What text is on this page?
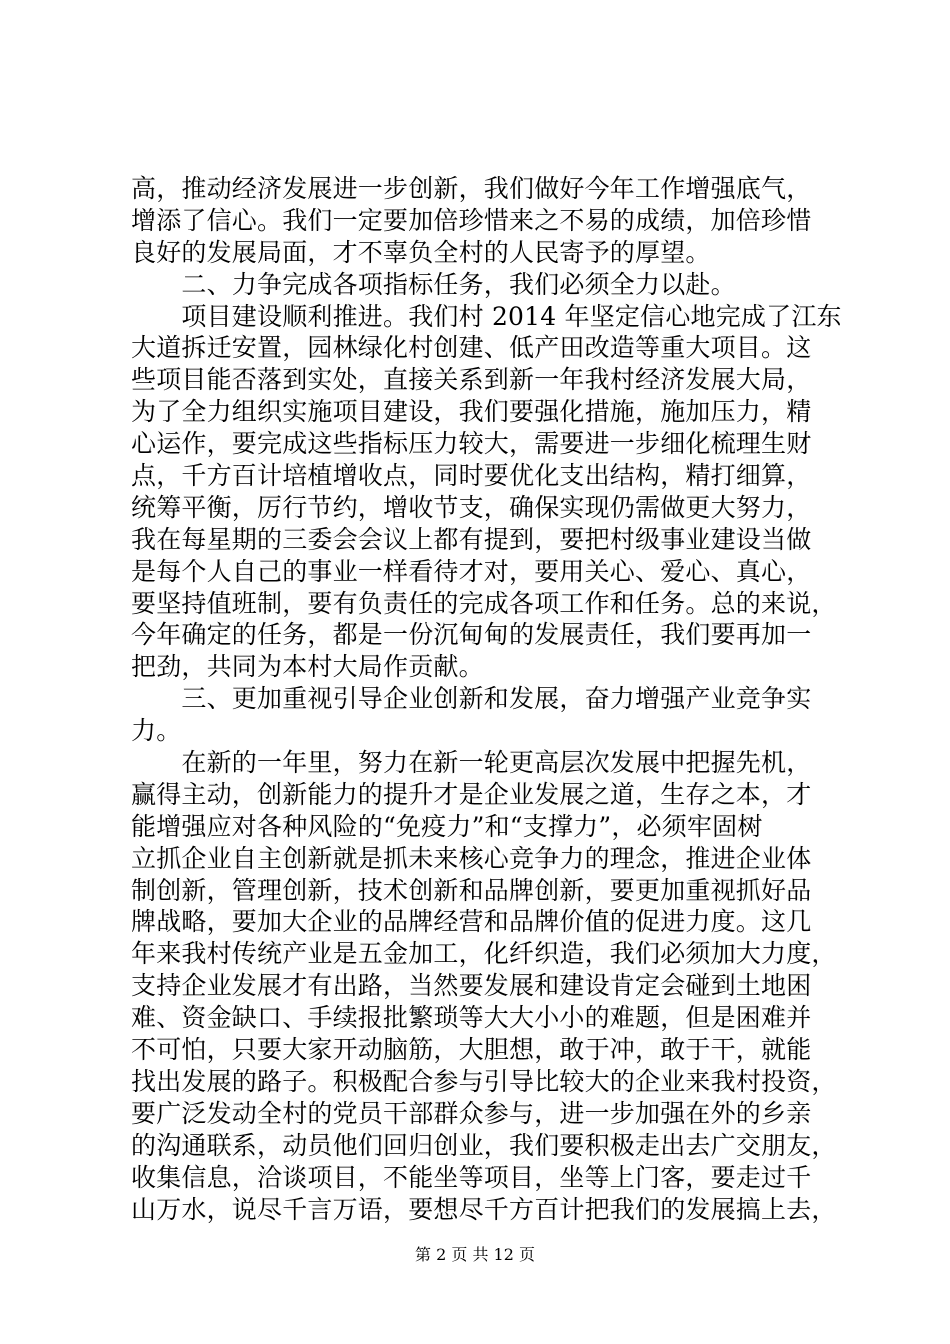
高，推动经济发展进一步创新，我们做好今年工作增强底气，
增添了信心。我们一定要加倍珍惜来之不易的成绩，加倍珍惜
良好的发展局面，才不辜负全村的人民寄予的厚望。
　　二、力争完成各项指标任务，我们必须全力以赴。
　　项目建设顺利推进。我们村 2014 年坚定信心地完成了江东
大道拆迁安置，园林绿化村创建、低产田改造等重大项目。这
些项目能否落到实处，直接关系到新一年我村经济发展大局，
为了全力组织实施项目建设，我们要强化措施，施加压力，精
心运作，要完成这些指标压力较大，需要进一步细化梳理生财
点，千方百计培植增收点，同时要优化支出结构，精打细算，
统筹平衡，厉行节约，增收节支，确保实现仍需做更大努力，
我在每星期的三委会会议上都有提到，要把村级事业建设当做
是每个人自己的事业一样看待才对，要用关心、爱心、真心，
要坚持值班制，要有负责任的完成各项工作和任务。总的来说，
今年确定的任务，都是一份沉甸甸的发展责任，我们要再加一
把劲，共同为本村大局作贡献。
　　三、更加重视引导企业创新和发展，奋力增强产业竞争实
力。
　　在新的一年里，努力在新一轮更高层次发展中把握先机，
赢得主动，创新能力的提升才是企业发展之道，生存之本，才
能增强应对各种风险的“免疫力”和“支撑力”，必须牢固树
立抓企业自主创新就是抓未来核心竞争力的理念，推进企业体
制创新，管理创新，技术创新和品牌创新，要更加重视抓好品
牌战略，要加大企业的品牌经营和品牌价值的促进力度。这几
年来我村传统产业是五金加工，化纤织造，我们必须加大力度，
支持企业发展才有出路，当然要发展和建设肯定会碰到土地困
难、资金缺口、手续报批繁琐等大大小小的难题，但是困难并
不可怕，只要大家开动脑筋，大胆想，敢于冲，敢于干，就能
找出发展的路子。积极配合参与引导比较大的企业来我村投资，
要广泛发动全村的党员干部群众参与，进一步加强在外的乡亲
的沟通联系，动员他们回归创业，我们要积极走出去广交朋友，
收集信息，洽谈项目，不能坐等项目，坐等上门客，要走过千
山万水，说尽千言万语，要想尽千方百计把我们的发展搞上去，
第 2 页 共 12 页
